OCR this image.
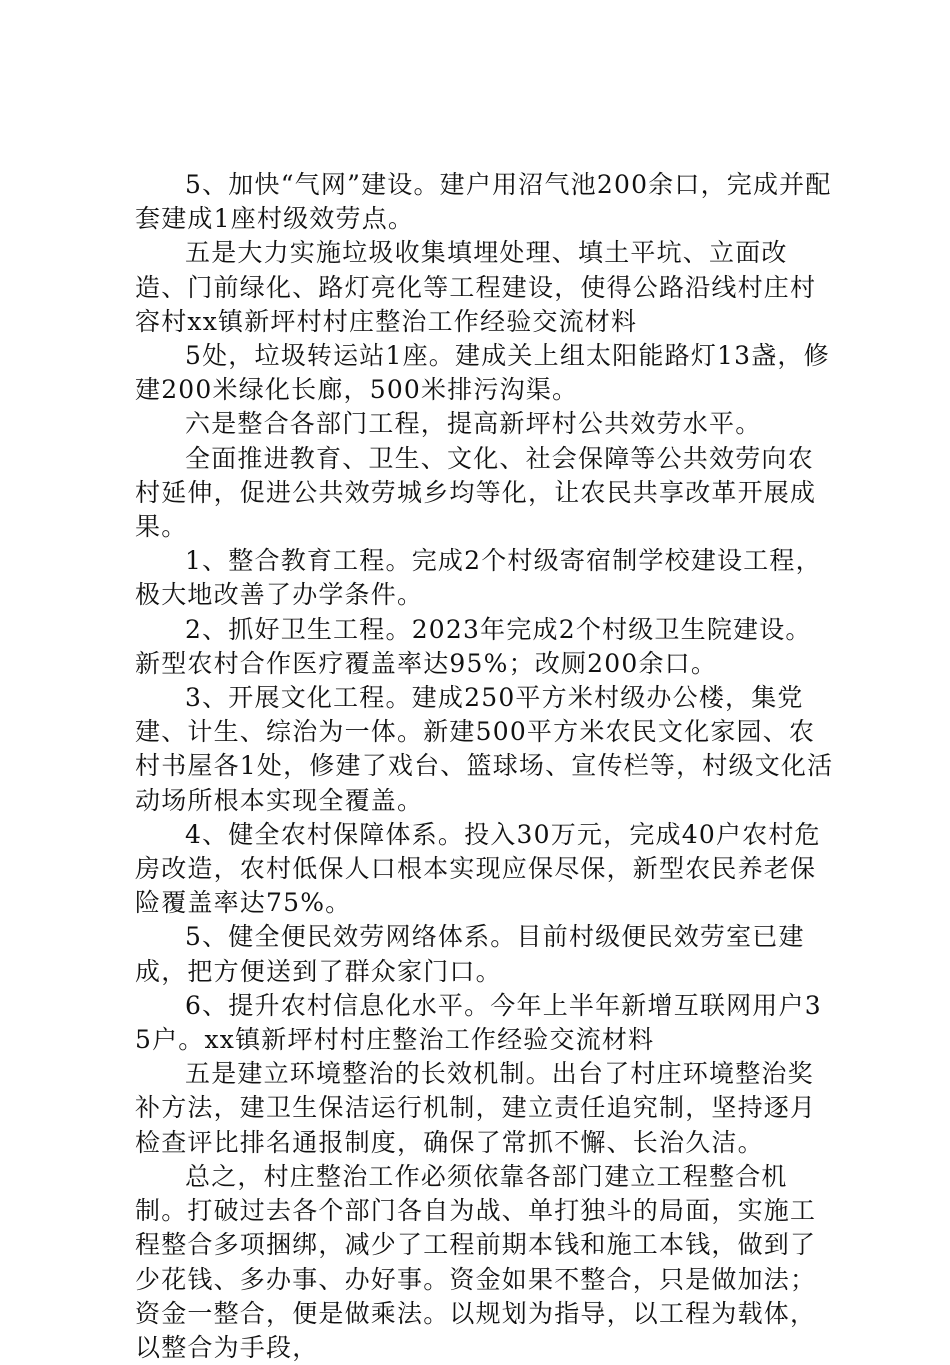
5、加快“气网”建设。建户用沼气池200余口，完成并配套建成1座村级效劳点。

五是大力实施垃圾收集填埋处理、填土平坑、立面改造、门前绿化、路灯亮化等工程建设，使得公路沿线村庄村容村xx镇新坪村村庄整治工作经验交流材料

5处，垃圾转运站1座。建成关上组太阳能路灯13盏，修建200米绿化长廊，500米排污沟渠。

六是整合各部门工程，提高新坪村公共效劳水平。

全面推进教育、卫生、文化、社会保障等公共效劳向农村延伸，促进公共效劳城乡均等化，让农民共享改革开展成果。

1、整合教育工程。完成2个村级寄宿制学校建设工程，极大地改善了办学条件。

2、抓好卫生工程。2023年完成2个村级卫生院建设。新型农村合作医疗覆盖率达95%；改厕200余口。

3、开展文化工程。建成250平方米村级办公楼，集党建、计生、综治为一体。新建500平方米农民文化家园、农村书屋各1处，修建了戏台、篮球场、宣传栏等，村级文化活动场所根本实现全覆盖。

4、健全农村保障体系。投入30万元，完成40户农村危房改造，农村低保人口根本实现应保尽保，新型农民养老保险覆盖率达75%。

5、健全便民效劳网络体系。目前村级便民效劳室已建成，把方便送到了群众家门口。

6、提升农村信息化水平。今年上半年新增互联网用户35户。xx镇新坪村村庄整治工作经验交流材料

五是建立环境整治的长效机制。出台了村庄环境整治奖补方法，建卫生保洁运行机制，建立责任追究制，坚持逐月检查评比排名通报制度，确保了常抓不懈、长治久洁。

总之，村庄整治工作必须依靠各部门建立工程整合机制。打破过去各个部门各自为战、单打独斗的局面，实施工程整合多项捆绑，减少了工程前期本钱和施工本钱，做到了少花钱、多办事、办好事。资金如果不整合，只是做加法；资金一整合，便是做乘法。以规划为指导，以工程为载体，以整合为手段，
